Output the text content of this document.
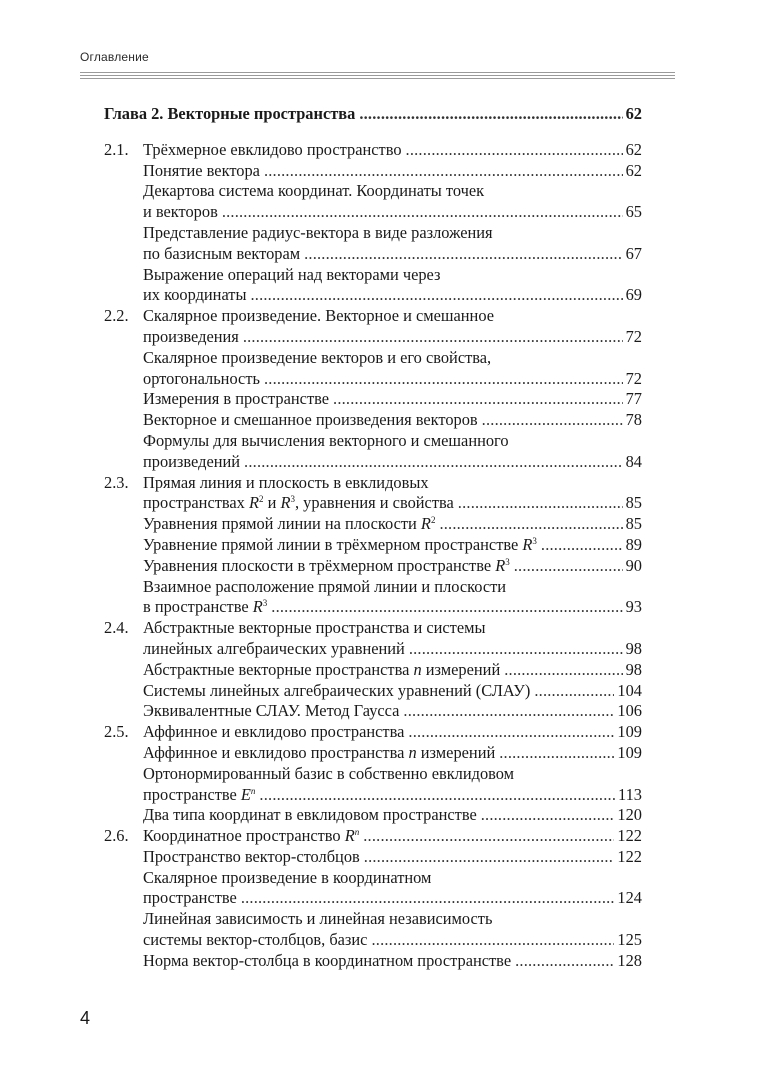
Оглавление
Глава 2. Векторные пространства .....	62
2.1. Трёхмерное евклидово пространство .....	62
Понятие вектора .....	62
Декартова система координат. Координаты точек
и векторов .....	65
Представление радиус-вектора в виде разложения
по базисным векторам .....	67
Выражение операций над векторами через
их координаты .....	69
2.2. Скалярное произведение. Векторное и смешанное
произведения .....	72
Скалярное произведение векторов и его свойства,
ортогональность .....	72
Измерения в пространстве .....	77
Векторное и смешанное произведения векторов .....	78
Формулы для вычисления векторного и смешанного
произведений .....	84
2.3. Прямая линия и плоскость в евклидовых
пространствах $R^2$ и $R^3$, уравнения и свойства .....	85
Уравнения прямой линии на плоскости $R^2$ .....	85
Уравнение прямой линии в трёхмерном пространстве $R^3$ .....	89
Уравнения плоскости в трёхмерном пространстве $R^3$ .....	90
Взаимное расположение прямой линии и плоскости
в пространстве $R^3$ .....	93
2.4. Абстрактные векторные пространства и системы
линейных алгебраических уравнений .....	98
Абстрактные векторные пространства n измерений .....	98
Системы линейных алгебраических уравнений (СЛАУ) .....	104
Эквивалентные СЛАУ. Метод Гаусса .....	106
2.5. Аффинное и евклидово пространства .....	109
Аффинное и евклидово пространства n измерений .....	109
Ортонормированный базис в собственно евклидовом
пространстве $E^n$ .....	113
Два типа координат в евклидовом пространстве .....	120
2.6. Координатное пространство $R^n$ .....	122
Пространство вектор-столбцов .....	122
Скалярное произведение в координатном
пространстве .....	124
Линейная зависимость и линейная независимость
системы вектор-столбцов, базис .....	125
Норма вектор-столбца в координатном пространстве .....	128
4
